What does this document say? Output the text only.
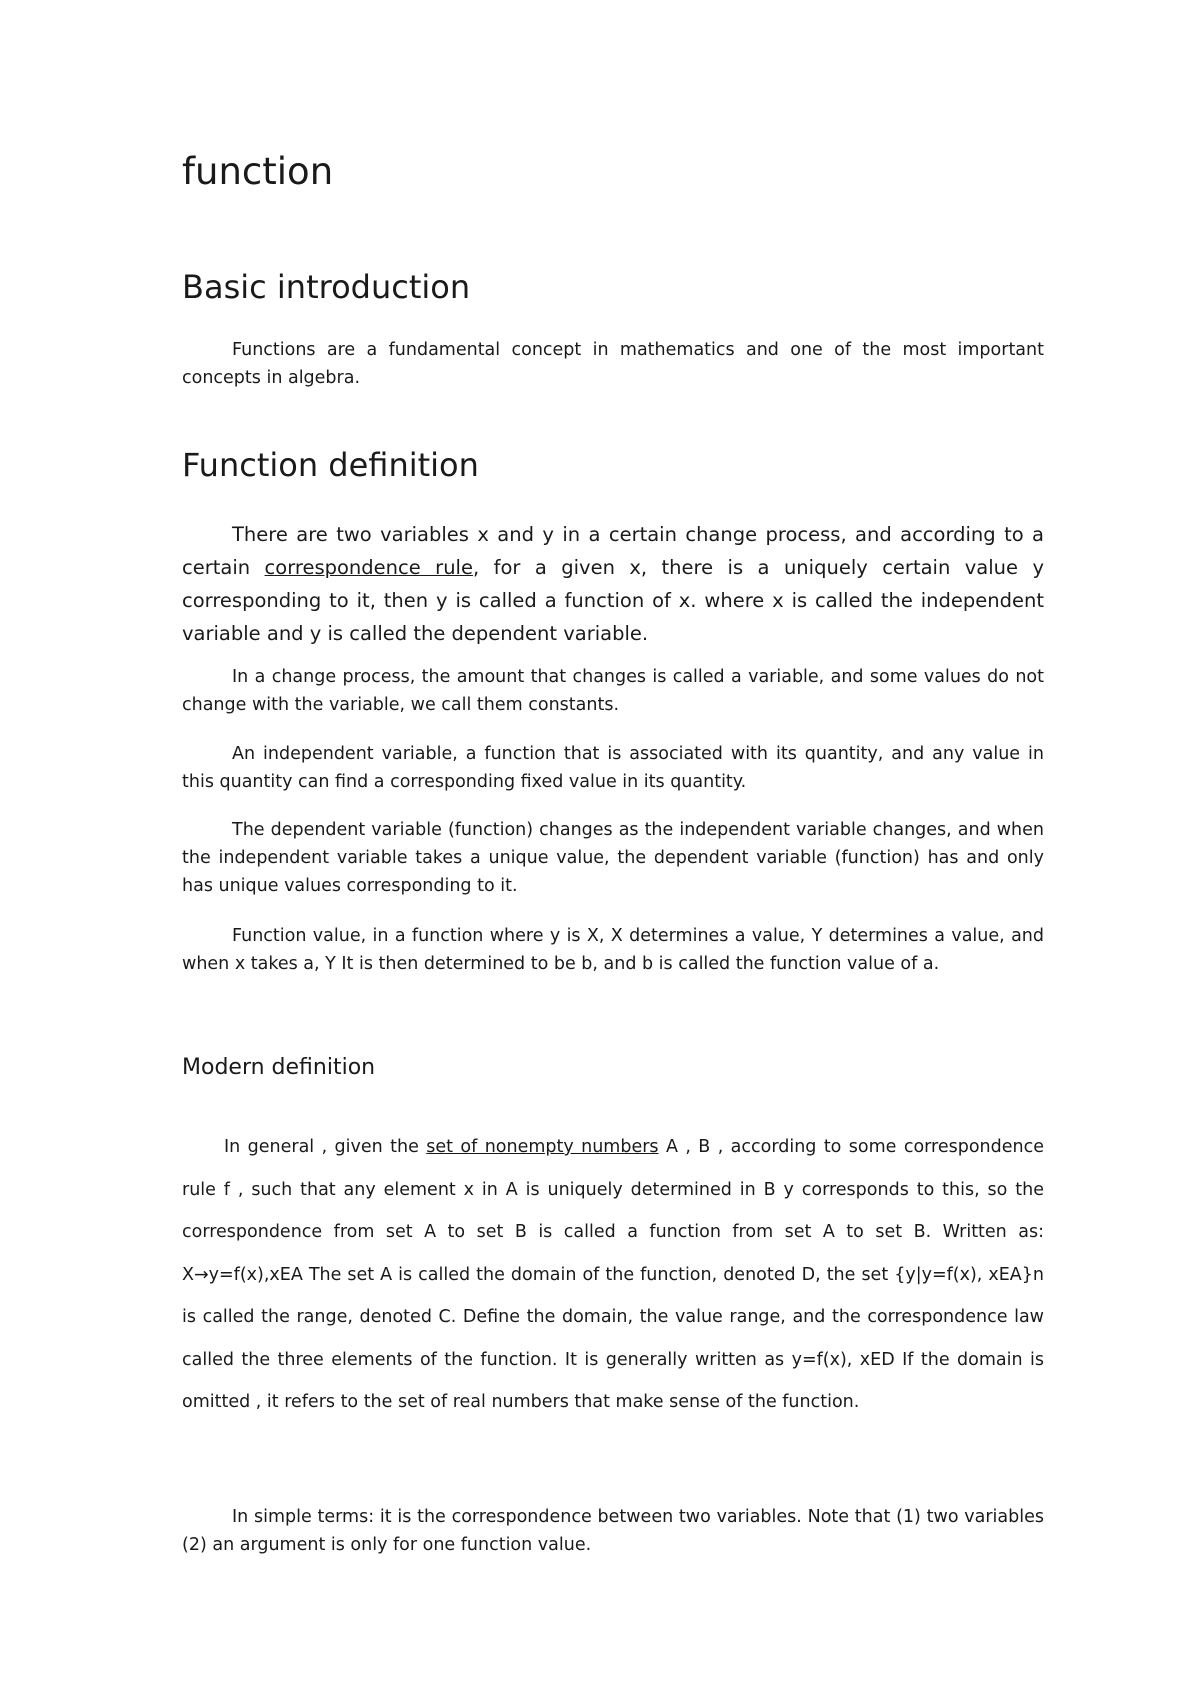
function
Basic introduction

Functions are a fundamental concept in mathematics and one of the most important concepts in algebra.

Function definition

There are two variables x and y in a certain change process, and according to a certain correspondence rule, for a given x, there is a uniquely certain value y corresponding to it, then y is called a function of x. where x is called the independent variable and y is called the dependent variable.

In a change process, the amount that changes is called a variable, and some values do not change with the variable, we call them constants.

An independent variable, a function that is associated with its quantity, and any value in this quantity can find a corresponding fixed value in its quantity.

The dependent variable (function) changes as the independent variable changes, and when the independent variable takes a unique value, the dependent variable (function) has and only has unique values corresponding to it.

Function value, in a function where y is X, X determines a value, Y determines a value, and when x takes a, Y It is then determined to be b, and b is called the function value of a.

Modern definition

In general , given the set of nonempty numbers A , B , according to some correspondence rule f , such that any element x in A is uniquely determined in B y corresponds to this, so the correspondence from set A to set B is called a function from set A to set B. Written as: X→y=f(x),xEA The set A is called the domain of the function, denoted D, the set {y|y=f(x), xEA}n is called the range, denoted C. Define the domain, the value range, and the correspondence law called the three elements of the function. It is generally written as y=f(x), xED If the domain is omitted , it refers to the set of real numbers that make sense of the function.

In simple terms: it is the correspondence between two variables. Note that (1) two variables (2) an argument is only for one function value.
